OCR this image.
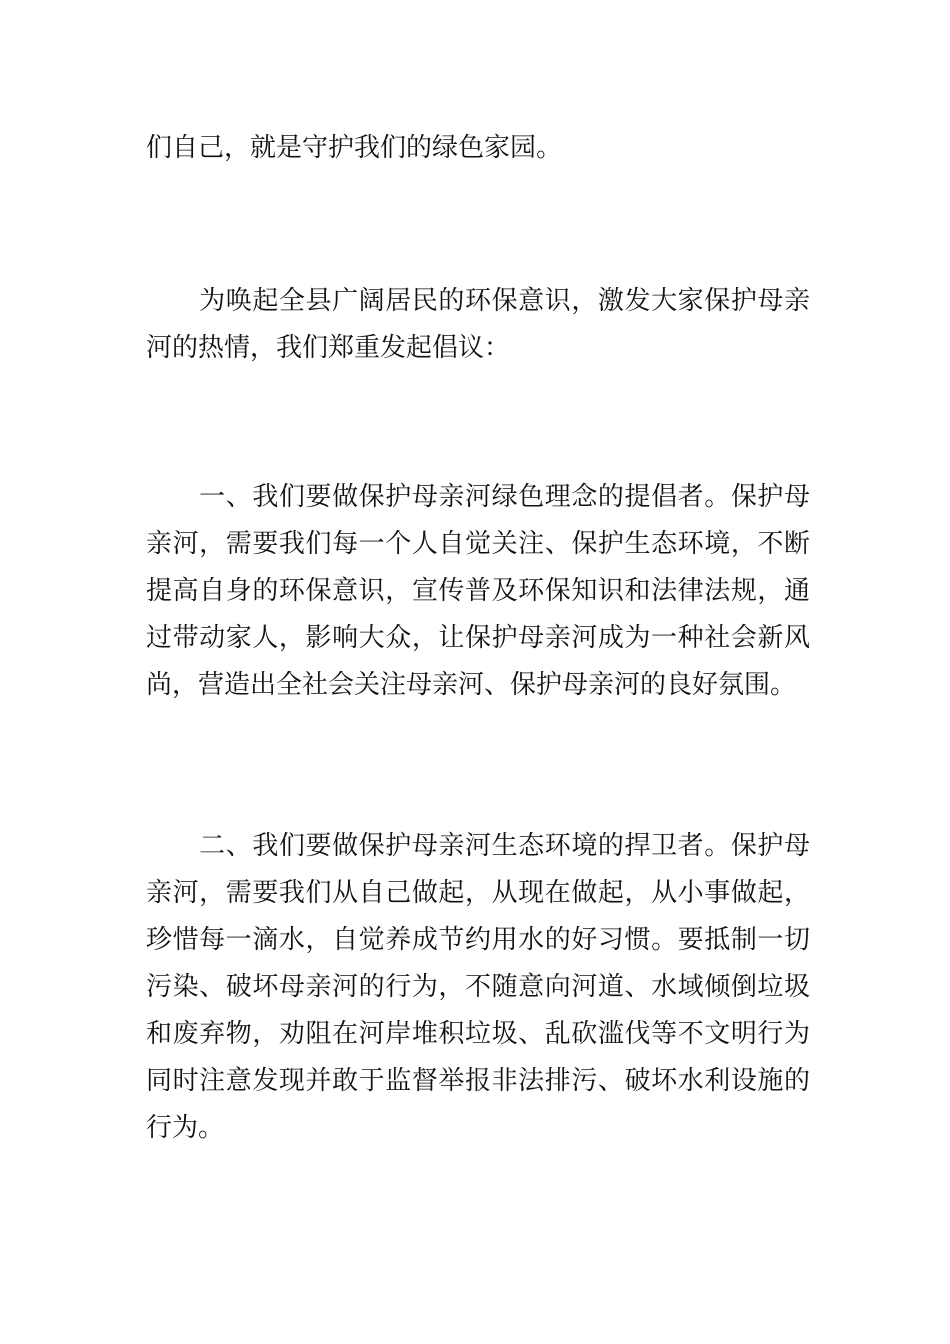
们自己，就是守护我们的绿色家园。

　　为唤起全县广阔居民的环保意识，激发大家保护母亲河的热情，我们郑重发起倡议：

　　一、我们要做保护母亲河绿色理念的提倡者。保护母亲河，需要我们每一个人自觉关注、保护生态环境，不断提高自身的环保意识，宣传普及环保知识和法律法规，通过带动家人，影响大众，让保护母亲河成为一种社会新风尚，营造出全社会关注母亲河、保护母亲河的良好氛围。

　　二、我们要做保护母亲河生态环境的捍卫者。保护母亲河，需要我们从自己做起，从现在做起，从小事做起，珍惜每一滴水，自觉养成节约用水的好习惯。要抵制一切污染、破坏母亲河的行为，不随意向河道、水域倾倒垃圾和废弃物，劝阻在河岸堆积垃圾、乱砍滥伐等不文明行为同时注意发现并敢于监督举报非法排污、破坏水利设施的行为。
